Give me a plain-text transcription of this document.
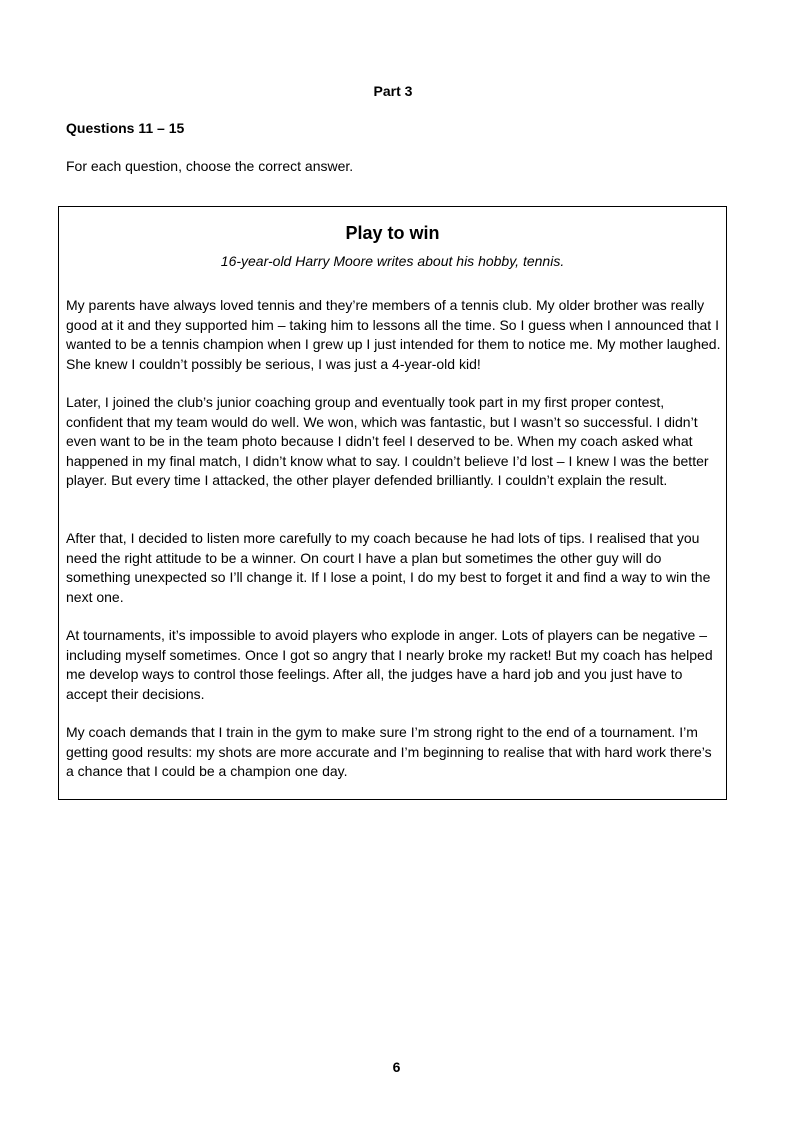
Part 3
Questions 11 – 15
For each question, choose the correct answer.
Play to win
16-year-old Harry Moore writes about his hobby, tennis.

My parents have always loved tennis and they’re members of a tennis club. My older brother was really good at it and they supported him – taking him to lessons all the time. So I guess when I announced that I wanted to be a tennis champion when I grew up I just intended for them to notice me. My mother laughed. She knew I couldn’t possibly be serious, I was just a 4-year-old kid!

Later, I joined the club’s junior coaching group and eventually took part in my first proper contest, confident that my team would do well. We won, which was fantastic, but I wasn’t so successful. I didn’t even want to be in the team photo because I didn’t feel I deserved to be. When my coach asked what happened in my final match, I didn’t know what to say. I couldn’t believe I’d lost – I knew I was the better player. But every time I attacked, the other player defended brilliantly. I couldn’t explain the result.

After that, I decided to listen more carefully to my coach because he had lots of tips. I realised that you need the right attitude to be a winner. On court I have a plan but sometimes the other guy will do something unexpected so I’ll change it. If I lose a point, I do my best to forget it and find a way to win the next one.

At tournaments, it’s impossible to avoid players who explode in anger. Lots of players can be negative – including myself sometimes. Once I got so angry that I nearly broke my racket! But my coach has helped me develop ways to control those feelings. After all, the judges have a hard job and you just have to accept their decisions.

My coach demands that I train in the gym to make sure I’m strong right to the end of a tournament. I’m getting good results: my shots are more accurate and I’m beginning to realise that with hard work there’s a chance that I could be a champion one day.

6
